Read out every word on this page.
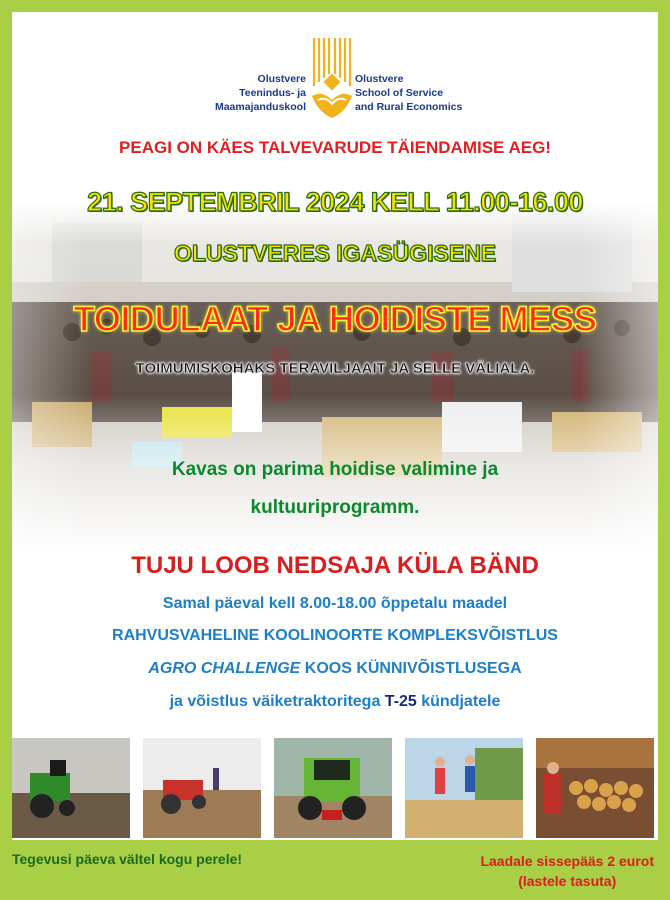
Olustvere
Teenindus- ja
Maamajanduskool
Olustvere
School of Service
and Rural Economics
PEAGI ON KÄES TALVEVARUDE TÄIENDAMISE AEG!
21. SEPTEMBRIL 2024 KELL 11.00-16.00
OLUSTVERES IGASÜGISENE
TOIDULAAT JA HOIDISTE MESS
TOIMUMISKOHAKS TERAVILJAAIT JA SELLE VÄLIALA.
Kavas on parima hoidise valimine ja
kultuuriprogramm.
TUJU LOOB NEDSAJA KÜLA BÄND
Samal päeval kell 8.00-18.00 õppetalu maadel
RAHVUSVAHELINE KOOLINOORTE KOMPLEKSVÕISTLUS
AGRO CHALLENGE KOOS KÜNNIVÕISTLUSEGA
ja võistlus väiketraktoritega T-25 kündjatele
Tegevusi päeva vältel kogu perele!	Laadale sissepääs 2 eurot
(lastele tasuta)
